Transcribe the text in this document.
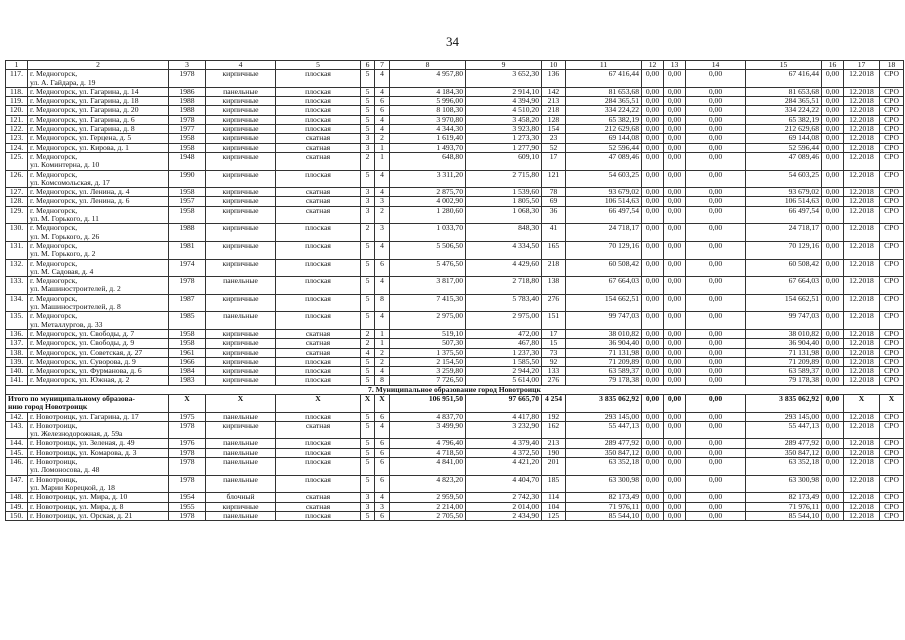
34
1	2	3	4	5	6	7	8	9	10	11	12	13	14	15	16	17	18
117.	г. Медногорск,
ул. А. Гайдара, д. 19	1978	кирпичные	плоская	5	4	4 957,80	3 652,30	136	67 416,44	0,00	0,00	0,00	67 416,44	0,00	12.2018	СРО
118.	г. Медногорск, ул. Гагарина, д. 14	1986	панельные	плоская	5	4	4 184,30	2 914,10	142	81 653,68	0,00	0,00	0,00	81 653,68	0,00	12.2018	СРО
119.	г. Медногорск, ул. Гагарина, д. 18	1988	кирпичные	плоская	5	6	5 996,00	4 394,90	213	284 365,51	0,00	0,00	0,00	284 365,51	0,00	12.2018	СРО
120.	г. Медногорск, ул. Гагарина, д. 20	1988	кирпичные	плоская	5	6	8 108,30	4 510,20	218	334 224,22	0,00	0,00	0,00	334 224,22	0,00	12.2018	СРО
121.	г. Медногорск, ул. Гагарина, д. 6	1978	кирпичные	плоская	5	4	3 970,80	3 458,20	128	65 382,19	0,00	0,00	0,00	65 382,19	0,00	12.2018	СРО
122.	г. Медногорск, ул. Гагарина, д. 8	1977	кирпичные	плоская	5	4	4 344,30	3 923,80	154	212 629,68	0,00	0,00	0,00	212 629,68	0,00	12.2018	СРО
123.	г. Медногорск, ул. Герцена, д. 5	1958	кирпичные	скатная	3	2	1 619,40	1 273,30	23	69 144,08	0,00	0,00	0,00	69 144,08	0,00	12.2018	СРО
124.	г. Медногорск, ул. Кирова, д. 1	1958	кирпичные	скатная	3	1	1 493,70	1 277,90	52	52 596,44	0,00	0,00	0,00	52 596,44	0,00	12.2018	СРО
125.	г. Медногорск,
ул. Коминтерна, д. 10	1948	кирпичные	скатная	2	1	648,80	609,10	17	47 089,46	0,00	0,00	0,00	47 089,46	0,00	12.2018	СРО
126.	г. Медногорск,
ул. Комсомольская, д. 17	1990	кирпичные	плоская	5	4	3 311,20	2 715,80	121	54 603,25	0,00	0,00	0,00	54 603,25	0,00	12.2018	СРО
127.	г. Медногорск, ул. Ленина, д. 4	1958	кирпичные	скатная	3	4	2 875,70	1 539,60	78	93 679,02	0,00	0,00	0,00	93 679,02	0,00	12.2018	СРО
128.	г. Медногорск, ул. Ленина, д. 6	1957	кирпичные	скатная	3	3	4 002,90	1 805,50	69	106 514,63	0,00	0,00	0,00	106 514,63	0,00	12.2018	СРО
129.	г. Медногорск,
ул. М. Горького, д. 11	1958	кирпичные	скатная	3	2	1 280,60	1 068,30	36	66 497,54	0,00	0,00	0,00	66 497,54	0,00	12.2018	СРО
130.	г. Медногорск,
ул. М. Горького, д. 26	1988	кирпичные	плоская	2	3	1 033,70	848,30	41	24 718,17	0,00	0,00	0,00	24 718,17	0,00	12.2018	СРО
131.	г. Медногорск,
ул. М. Горького, д. 2	1981	кирпичные	плоская	5	4	5 506,50	4 334,50	165	70 129,16	0,00	0,00	0,00	70 129,16	0,00	12.2018	СРО
132.	г. Медногорск,
ул. М. Садовая, д. 4	1974	кирпичные	плоская	5	6	5 476,50	4 429,60	218	60 508,42	0,00	0,00	0,00	60 508,42	0,00	12.2018	СРО
133.	г. Медногорск,
ул. Машиностроителей, д. 2	1978	панельные	плоская	5	4	3 817,00	2 718,80	138	67 664,03	0,00	0,00	0,00	67 664,03	0,00	12.2018	СРО
134.	г. Медногорск,
ул. Машиностроителей, д. 8	1987	кирпичные	плоская	5	8	7 415,30	5 783,40	276	154 662,51	0,00	0,00	0,00	154 662,51	0,00	12.2018	СРО
135.	г. Медногорск,
ул. Металлургов, д. 33	1985	панельные	плоская	5	4	2 975,00	2 975,00	151	99 747,03	0,00	0,00	0,00	99 747,03	0,00	12.2018	СРО
136.	г. Медногорск, ул. Свободы, д. 7	1958	кирпичные	скатная	2	1	519,10	472,00	17	38 010,82	0,00	0,00	0,00	38 010,82	0,00	12.2018	СРО
137.	г. Медногорск, ул. Свободы, д. 9	1958	кирпичные	скатная	2	1	507,30	467,80	15	36 904,40	0,00	0,00	0,00	36 904,40	0,00	12.2018	СРО
138.	г. Медногорск, ул. Советская, д. 27	1961	кирпичные	скатная	4	2	1 375,50	1 237,30	73	71 131,98	0,00	0,00	0,00	71 131,98	0,00	12.2018	СРО
139.	г. Медногорск, ул. Суворова, д. 9	1966	кирпичные	плоская	5	2	2 154,50	1 585,50	92	71 209,89	0,00	0,00	0,00	71 209,89	0,00	12.2018	СРО
140.	г. Медногорск, ул. Фурманова, д. 6	1984	кирпичные	плоская	5	4	3 259,80	2 944,20	133	63 589,37	0,00	0,00	0,00	63 589,37	0,00	12.2018	СРО
141.	г. Медногорск, ул. Южная, д. 2	1983	кирпичные	плоская	5	8	7 726,50	5 614,00	276	79 178,38	0,00	0,00	0,00	79 178,38	0,00	12.2018	СРО
7. Муниципальное образование город Новотроицк																	
Итого по муниципальному образова-
нию город Новотроицк		X	X	X	X	X	106 951,50	97 665,70	4 254	3 835 062,92	0,00	0,00	0,00	3 835 062,92	0,00	X	X
142.	г. Новотроицк, ул. Гагарина, д. 17	1975	панельные	плоская	5	6	4 837,70	4 417,80	192	293 145,00	0,00	0,00	0,00	293 145,00	0,00	12.2018	СРО
143.	г. Новотроицк,
ул. Железнодорожная, д. 59а	1978	кирпичные	скатная	5	4	3 499,90	3 232,90	162	55 447,13	0,00	0,00	0,00	55 447,13	0,00	12.2018	СРО
144.	г. Новотроицк, ул. Зеленая, д. 49	1976	панельные	плоская	5	6	4 796,40	4 379,40	213	289 477,92	0,00	0,00	0,00	289 477,92	0,00	12.2018	СРО
145.	г. Новотроицк, ул. Комарова, д. 3	1978	панельные	плоская	5	6	4 718,50	4 372,50	190	350 847,12	0,00	0,00	0,00	350 847,12	0,00	12.2018	СРО
146.	г. Новотроицк,
ул. Ломоносова, д. 48	1978	панельные	плоская	5	6	4 841,00	4 421,20	201	63 352,18	0,00	0,00	0,00	63 352,18	0,00	12.2018	СРО
147.	г. Новотроицк,
ул. Марии Корецкой, д. 18	1978	панельные	плоская	5	6	4 823,20	4 404,70	185	63 300,98	0,00	0,00	0,00	63 300,98	0,00	12.2018	СРО
148.	г. Новотроицк, ул. Мира, д. 10	1954	блочный	скатная	3	4	2 959,50	2 742,30	114	82 173,49	0,00	0,00	0,00	82 173,49	0,00	12.2018	СРО
149.	г. Новотроицк, ул. Мира, д. 8	1955	кирпичные	скатная	3	3	2 214,00	2 014,00	104	71 976,11	0,00	0,00	0,00	71 976,11	0,00	12.2018	СРО
150.	г. Новотроицк, ул. Орская, д. 21	1978	панельные	плоская	5	6	2 705,50	2 434,90	125	85 544,10	0,00	0,00	0,00	85 544,10	0,00	12.2018	СРО
